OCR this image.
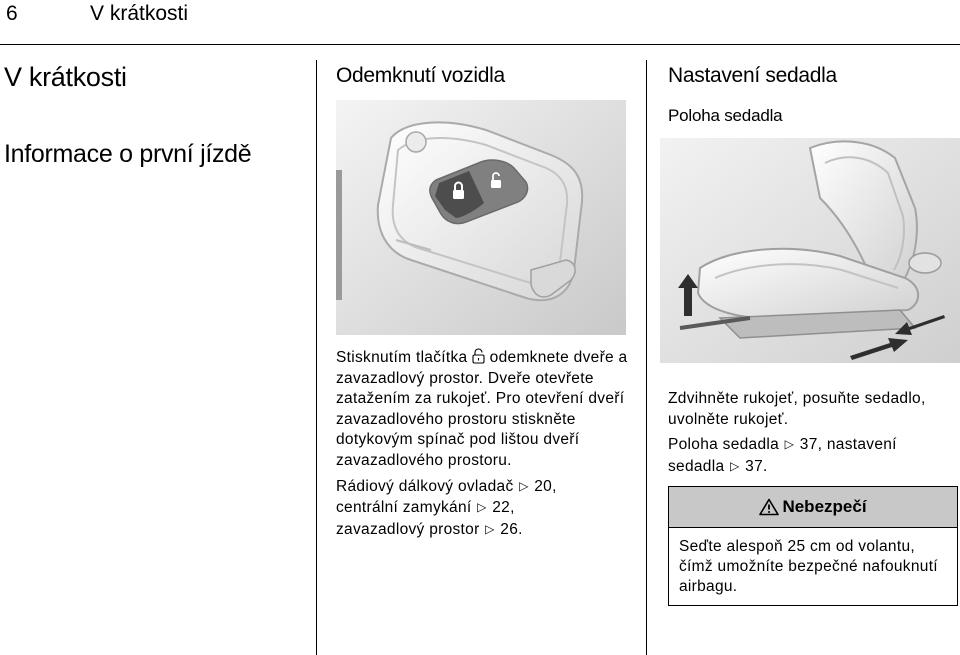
6	V krátkosti
V krátkosti
Informace o první jízdě
Odemknutí vozidla

Stisknutím tlačítka  odemknete dveře a zavazadlový prostor. Dveře otevřete zatažením za rukojeť. Pro otevření dveří zavazadlového prostoru stiskněte dotykovým spínač pod lištou dveří zavazadlového prostoru.

Rádiový dálkový ovladač ▷ 20,
centrální zamykání ▷ 22,
zavazadlový prostor ▷ 26.

Nastavení sedadla
Poloha sedadla

Zdvihněte rukojeť, posuňte sedadlo, uvolněte rukojeť.

Poloha sedadla ▷ 37, nastavení
sedadla ▷ 37.

Nebezpečí
Seďte alespoň 25 cm od volantu, čímž umožníte bezpečné nafouknutí airbagu.
